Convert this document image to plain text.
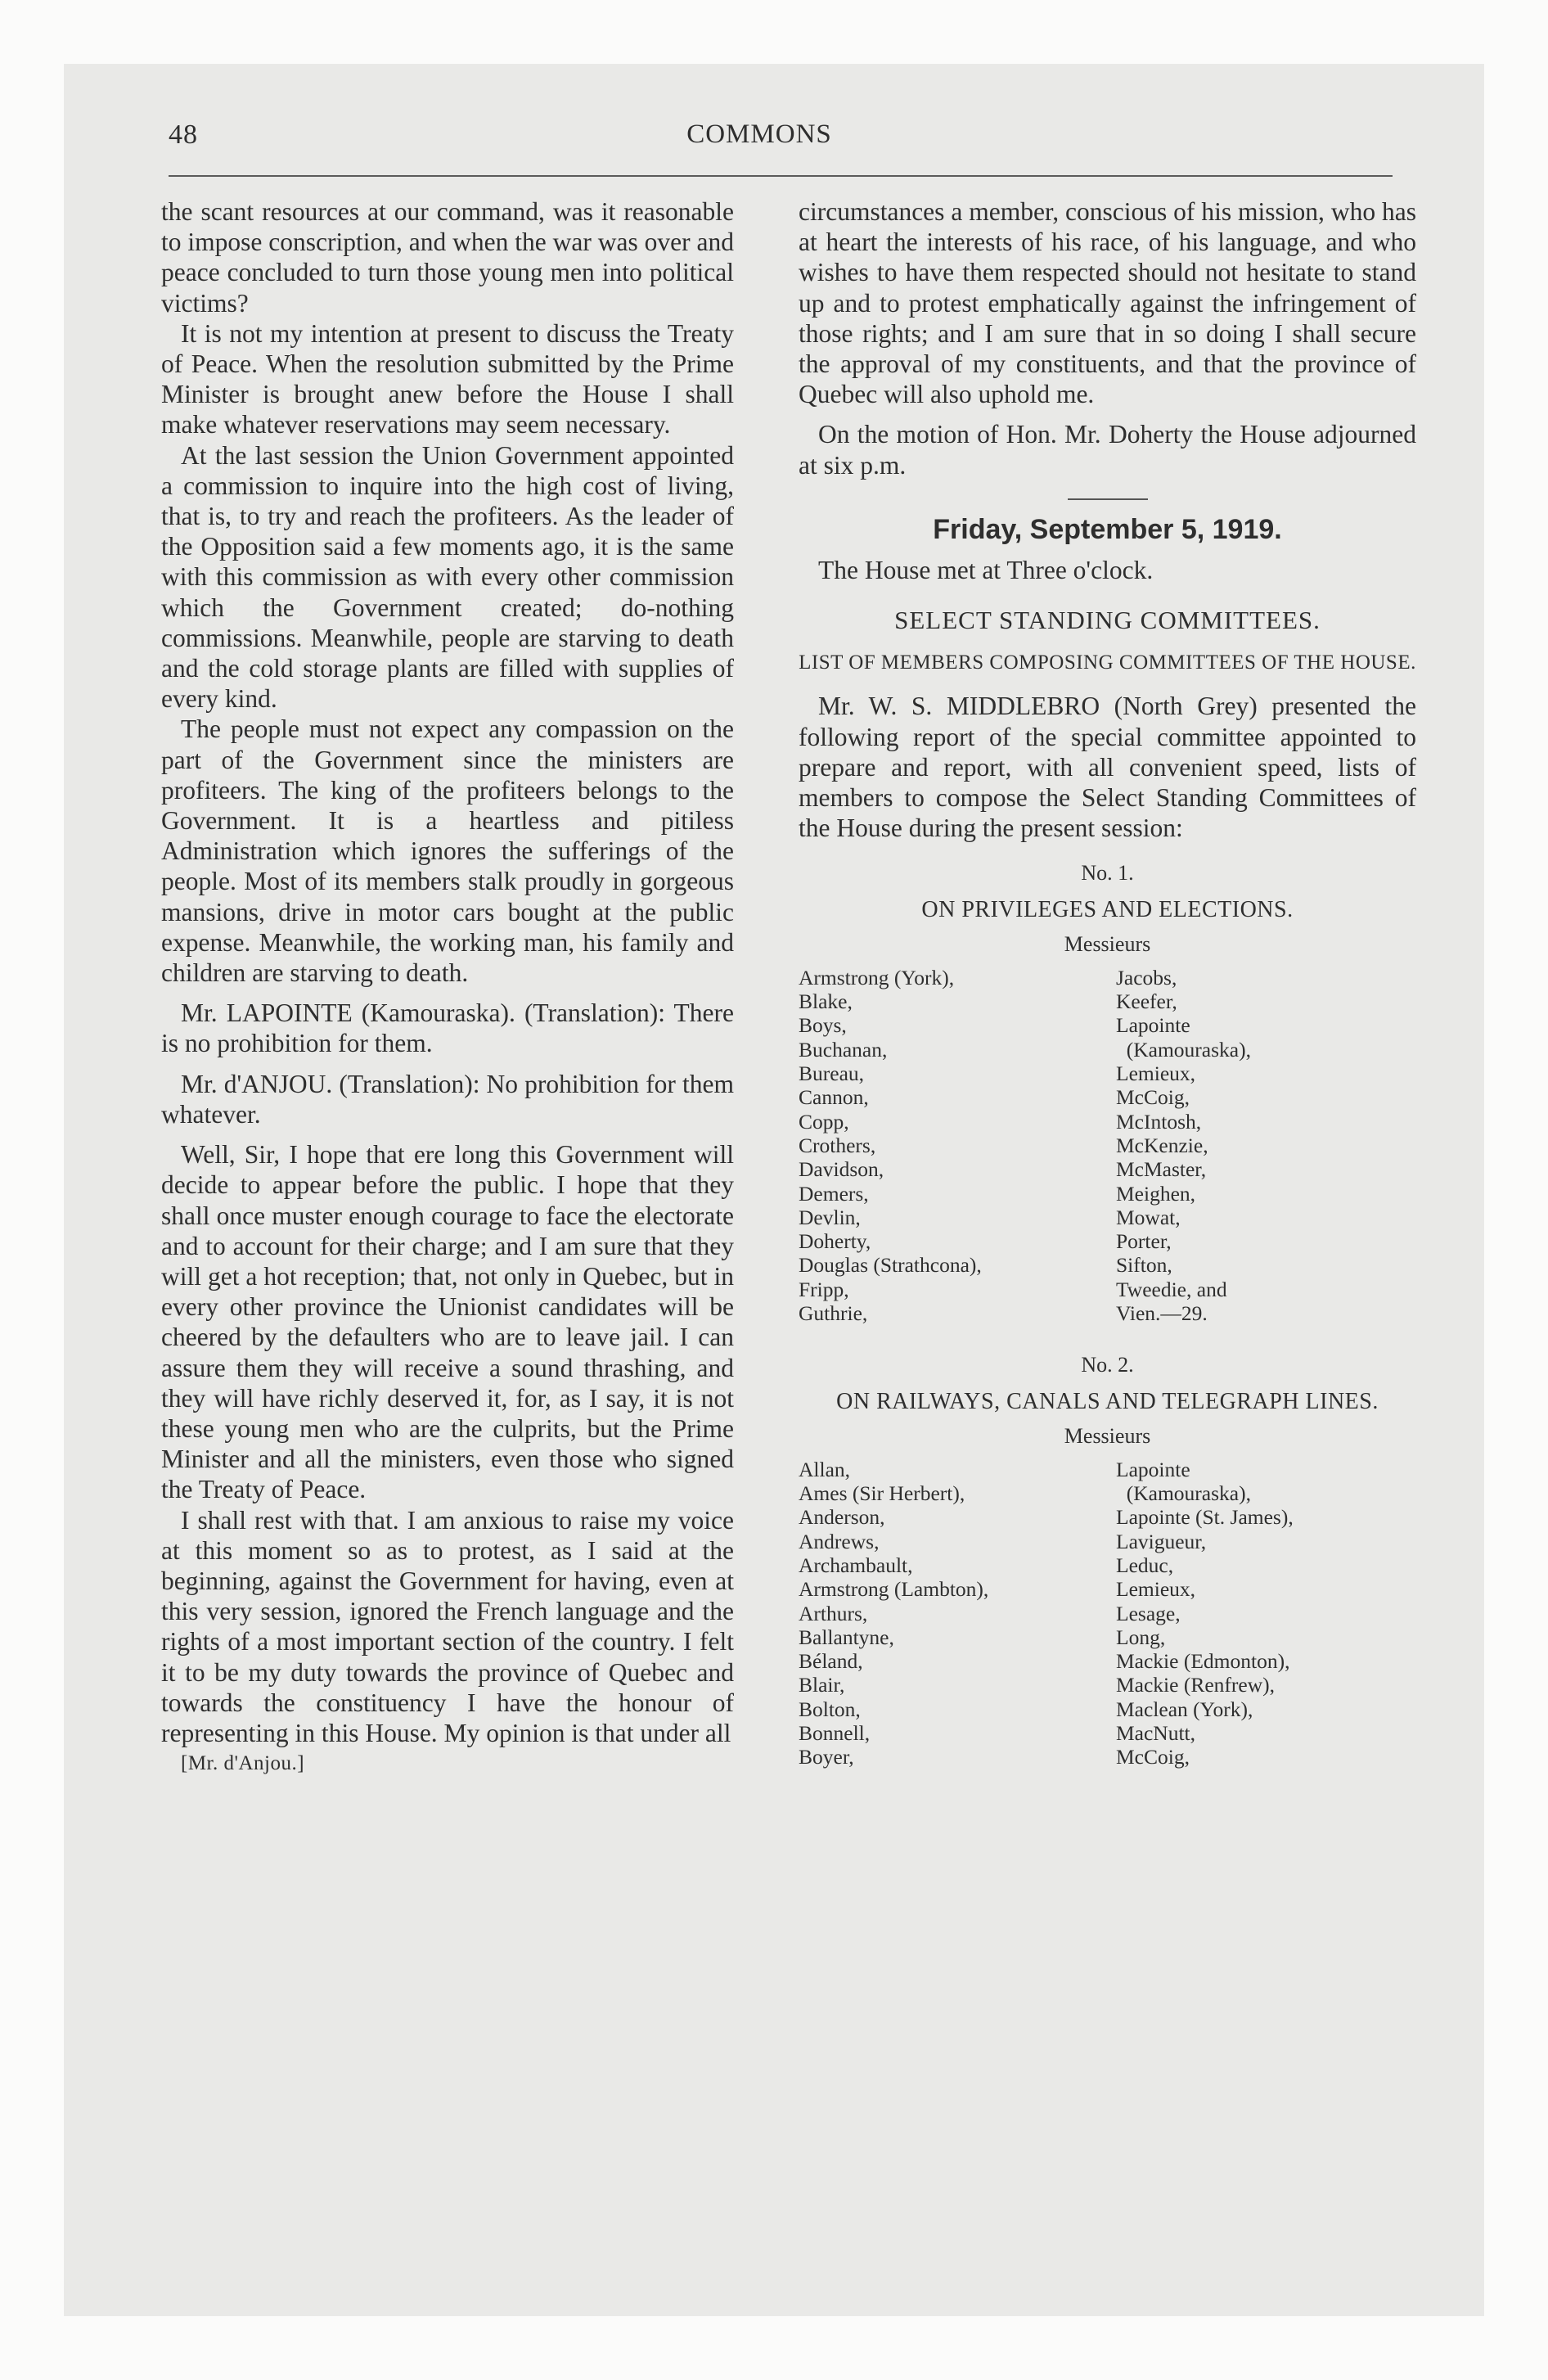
48	COMMONS

the scant resources at our command, was it reasonable to impose conscription, and when the war was over and peace concluded to turn those young men into political victims?

It is not my intention at present to discuss the Treaty of Peace. When the resolution submitted by the Prime Minister is brought anew before the House I shall make whatever reservations may seem necessary.

At the last session the Union Government appointed a commission to inquire into the high cost of living, that is, to try and reach the profiteers. As the leader of the Opposition said a few moments ago, it is the same with this commission as with every other commission which the Government created; do-nothing commissions. Meanwhile, people are starving to death and the cold storage plants are filled with supplies of every kind.

The people must not expect any compassion on the part of the Government since the ministers are profiteers. The king of the profiteers belongs to the Government. It is a heartless and pitiless Administration which ignores the sufferings of the people. Most of its members stalk proudly in gorgeous mansions, drive in motor cars bought at the public expense. Meanwhile, the working man, his family and children are starving to death.

Mr. LAPOINTE (Kamouraska). (Translation): There is no prohibition for them.

Mr. d'ANJOU. (Translation): No prohibition for them whatever.

Well, Sir, I hope that ere long this Government will decide to appear before the public. I hope that they shall once muster enough courage to face the electorate and to account for their charge; and I am sure that they will get a hot reception; that, not only in Quebec, but in every other province the Unionist candidates will be cheered by the defaulters who are to leave jail. I can assure them they will receive a sound thrashing, and they will have richly deserved it, for, as I say, it is not these young men who are the culprits, but the Prime Minister and all the ministers, even those who signed the Treaty of Peace.

I shall rest with that. I am anxious to raise my voice at this moment so as to protest, as I said at the beginning, against the Government for having, even at this very session, ignored the French language and the rights of a most important section of the country. I felt it to be my duty towards the province of Quebec and towards the constituency I have the honour of representing in this House. My opinion is that under all

[Mr. d'Anjou.]

circumstances a member, conscious of his mission, who has at heart the interests of his race, of his language, and who wishes to have them respected should not hesitate to stand up and to protest emphatically against the infringement of those rights; and I am sure that in so doing I shall secure the approval of my constituents, and that the province of Quebec will also uphold me.

On the motion of Hon. Mr. Doherty the House adjourned at six p.m.

Friday, September 5, 1919.

The House met at Three o'clock.

SELECT STANDING COMMITTEES.
LIST OF MEMBERS COMPOSING COMMITTEES OF THE HOUSE.

Mr. W. S. MIDDLEBRO (North Grey) presented the following report of the special committee appointed to prepare and report, with all convenient speed, lists of members to compose the Select Standing Committees of the House during the present session:

No. 1.
ON PRIVILEGES AND ELECTIONS.
Messieurs
Armstrong (York),
Blake,
Boys,
Buchanan,
Bureau,
Cannon,
Copp,
Crothers,
Davidson,
Demers,
Devlin,
Doherty,
Douglas (Strathcona),
Fripp,
Guthrie,
Jacobs,
Keefer,
Lapointe
(Kamouraska),
Lemieux,
McCoig,
McIntosh,
McKenzie,
McMaster,
Meighen,
Mowat,
Porter,
Sifton,
Tweedie, and
Vien.—29.
No. 2.
ON RAILWAYS, CANALS AND TELEGRAPH LINES.
Messieurs
Allan,
Ames (Sir Herbert),
Anderson,
Andrews,
Archambault,
Armstrong (Lambton),
Arthurs,
Ballantyne,
Béland,
Blair,
Bolton,
Bonnell,
Boyer,
Lapointe
(Kamouraska),
Lapointe (St. James),
Lavigueur,
Leduc,
Lemieux,
Lesage,
Long,
Mackie (Edmonton),
Mackie (Renfrew),
Maclean (York),
MacNutt,
McCoig,
